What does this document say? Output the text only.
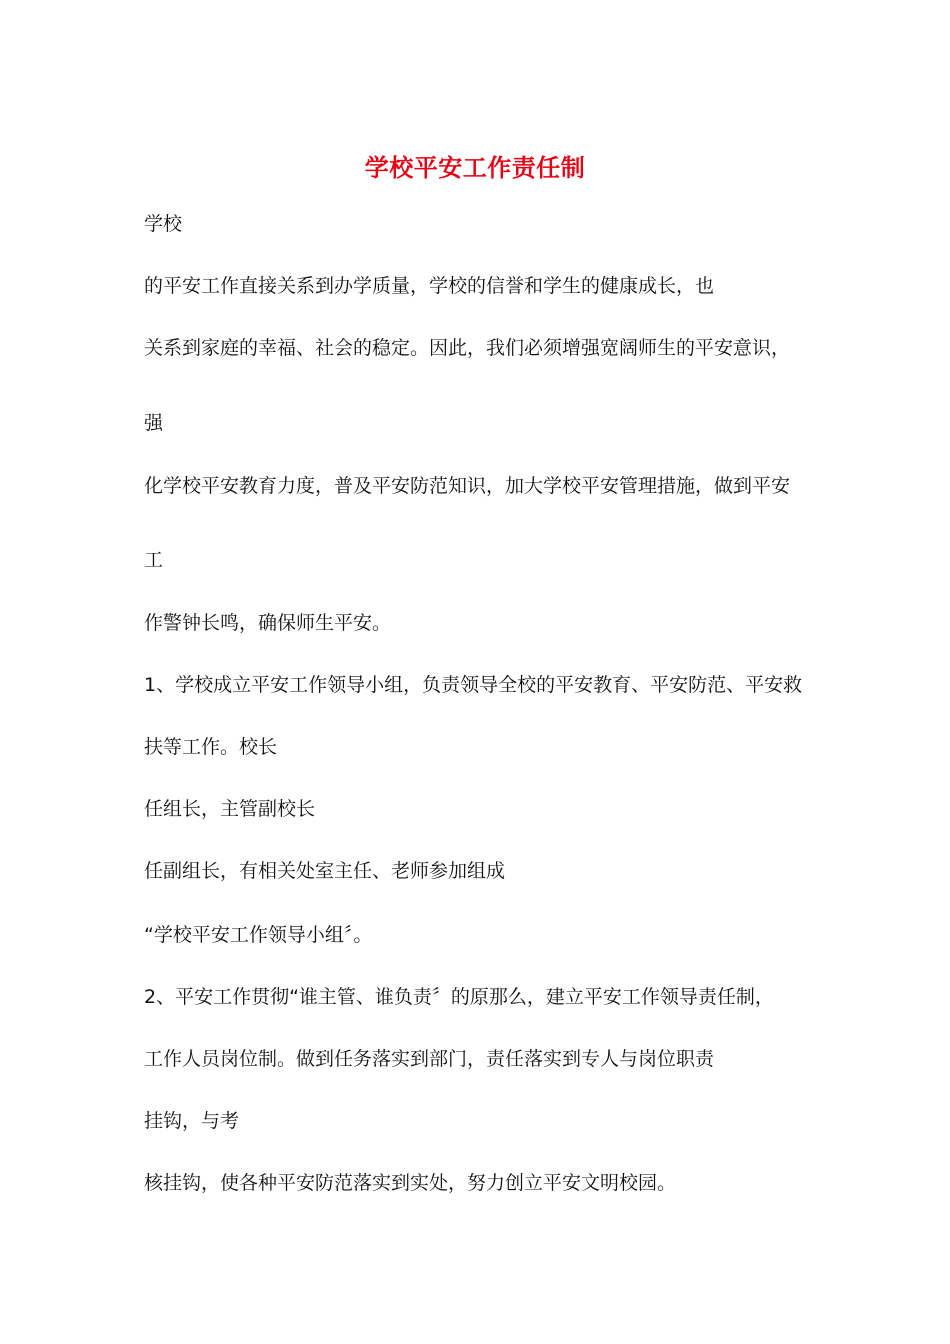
学校平安工作责任制
学校
的平安工作直接关系到办学质量，学校的信誉和学生的健康成长，也
关系到家庭的幸福、社会的稳定。因此，我们必须增强宽阔师生的平安意识，
强
化学校平安教育力度，普及平安防范知识，加大学校平安管理措施，做到平安
工
作警钟长鸣，确保师生平安。
1、学校成立平安工作领导小组，负责领导全校的平安教育、平安防范、平安救
扶等工作。校长
任组长，主管副校长
任副组长，有相关处室主任、老师参加组成
“学校平安工作领导小组〞。
2、平安工作贯彻“谁主管、谁负责〞的原那么，建立平安工作领导责任制，
工作人员岗位制。做到任务落实到部门，责任落实到专人与岗位职责
挂钩，与考
核挂钩，使各种平安防范落实到实处，努力创立平安文明校园。
